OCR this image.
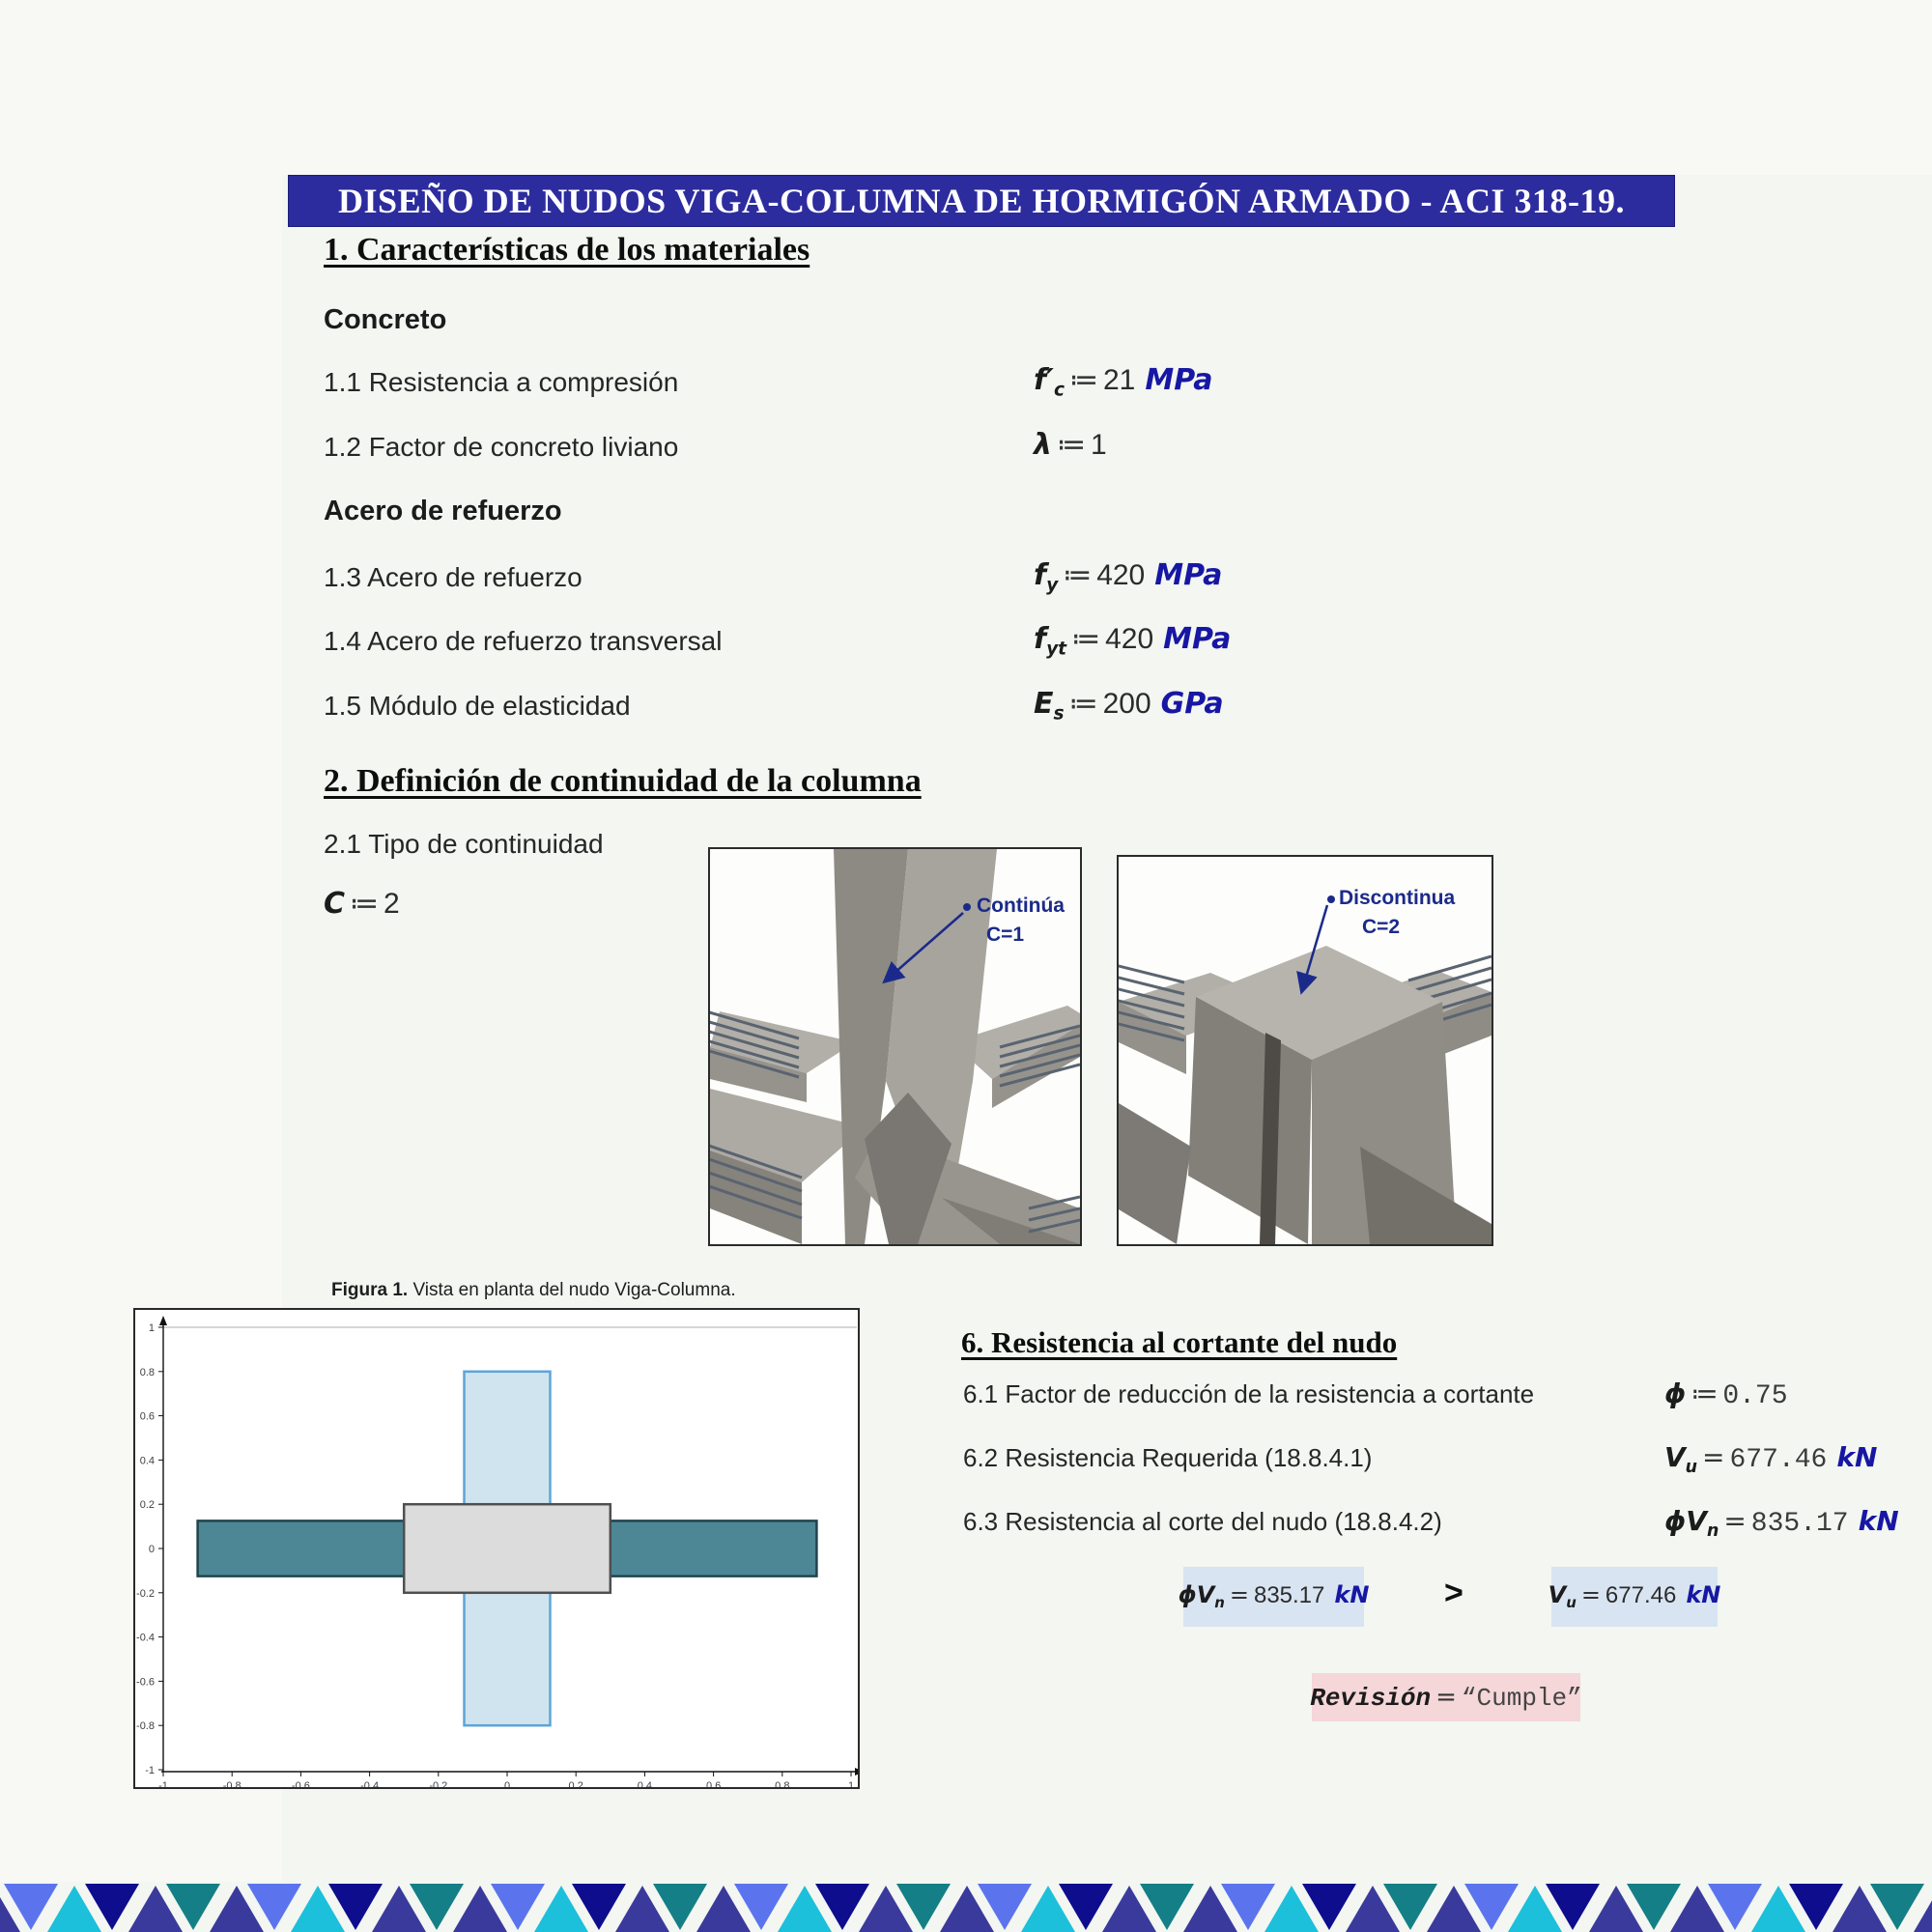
DISEÑO DE NUDOS VIGA-COLUMNA DE HORMIGÓN ARMADO - ACI 318-19.
1. Características de los materiales
Concreto
Acero de refuerzo
1.1 Resistencia a compresión	$f'_c$ ≔ 21 MPa
1.2 Factor de concreto liviano	λ ≔ 1
1.3 Acero de refuerzo	$f_y$ ≔ 420 MPa
1.4 Acero de refuerzo transversal	$f_{yt}$ ≔ 420 MPa
1.5 Módulo de elasticidad	$E_s$ ≔ 200 GPa
2. Definición de continuidad de la columna
2.1 Tipo de continuidad
C ≔ 2	Continúa
C=1
Discontinua
C=2
Figura 1. Vista en planta del nudo Viga-Columna.
-1	-0.8	-0.6	-0.4	-0.2	0	0.2	0.4	0.6	0.8	1
1
0.8
0.6
0.4
0.2
0
-0.2
-0.4
-0.6
-0.8
-1
6. Resistencia al cortante del nudo
6.1 Factor de reducción de la resistencia a cortante	ϕ ≔ 0.75
6.2 Resistencia Requerida (18.8.4.1)	$V_u = 677.46$ kN
6.3 Resistencia al corte del nudo (18.8.4.2)	$\phi V_n = 835.17$ kN
$\phi V_n = 835.17$ kN >	$V_u = 677.46$ kN
Revisión = “Cumple”
